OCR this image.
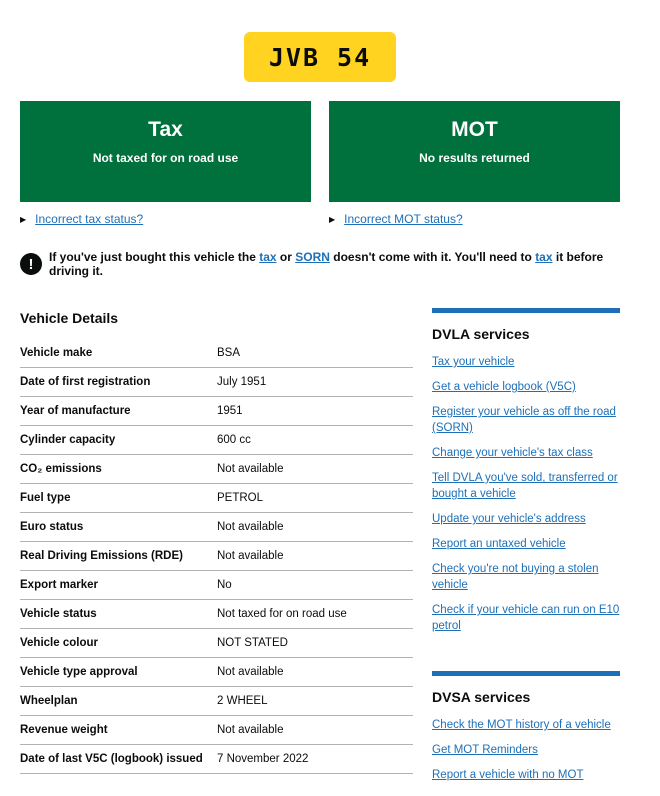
JVB 54
Tax
Not taxed for on road use
MOT
No results returned
▶ Incorrect tax status?	▶ Incorrect MOT status?
!	If you've just bought this vehicle the tax or SORN doesn't come with it. You'll need to tax it before driving it.
Vehicle Details
Vehicle make	BSA
Date of first registration	July 1951
Year of manufacture	1951
Cylinder capacity	600 cc
CO₂ emissions	Not available
Fuel type	PETROL
Euro status	Not available
Real Driving Emissions (RDE)	Not available
Export marker	No
Vehicle status	Not taxed for on road use
Vehicle colour	NOT STATED
Vehicle type approval	Not available
Wheelplan	2 WHEEL
Revenue weight	Not available
Date of last V5C (logbook) issued	7 November 2022
DVLA services
Tax your vehicle
Get a vehicle logbook (V5C)
Register your vehicle as off the road (SORN)
Change your vehicle's tax class
Tell DVLA you've sold, transferred or bought a vehicle
Update your vehicle's address
Report an untaxed vehicle
Check you're not buying a stolen vehicle
Check if your vehicle can run on E10 petrol
DVSA services
Check the MOT history of a vehicle
Get MOT Reminders
Report a vehicle with no MOT
